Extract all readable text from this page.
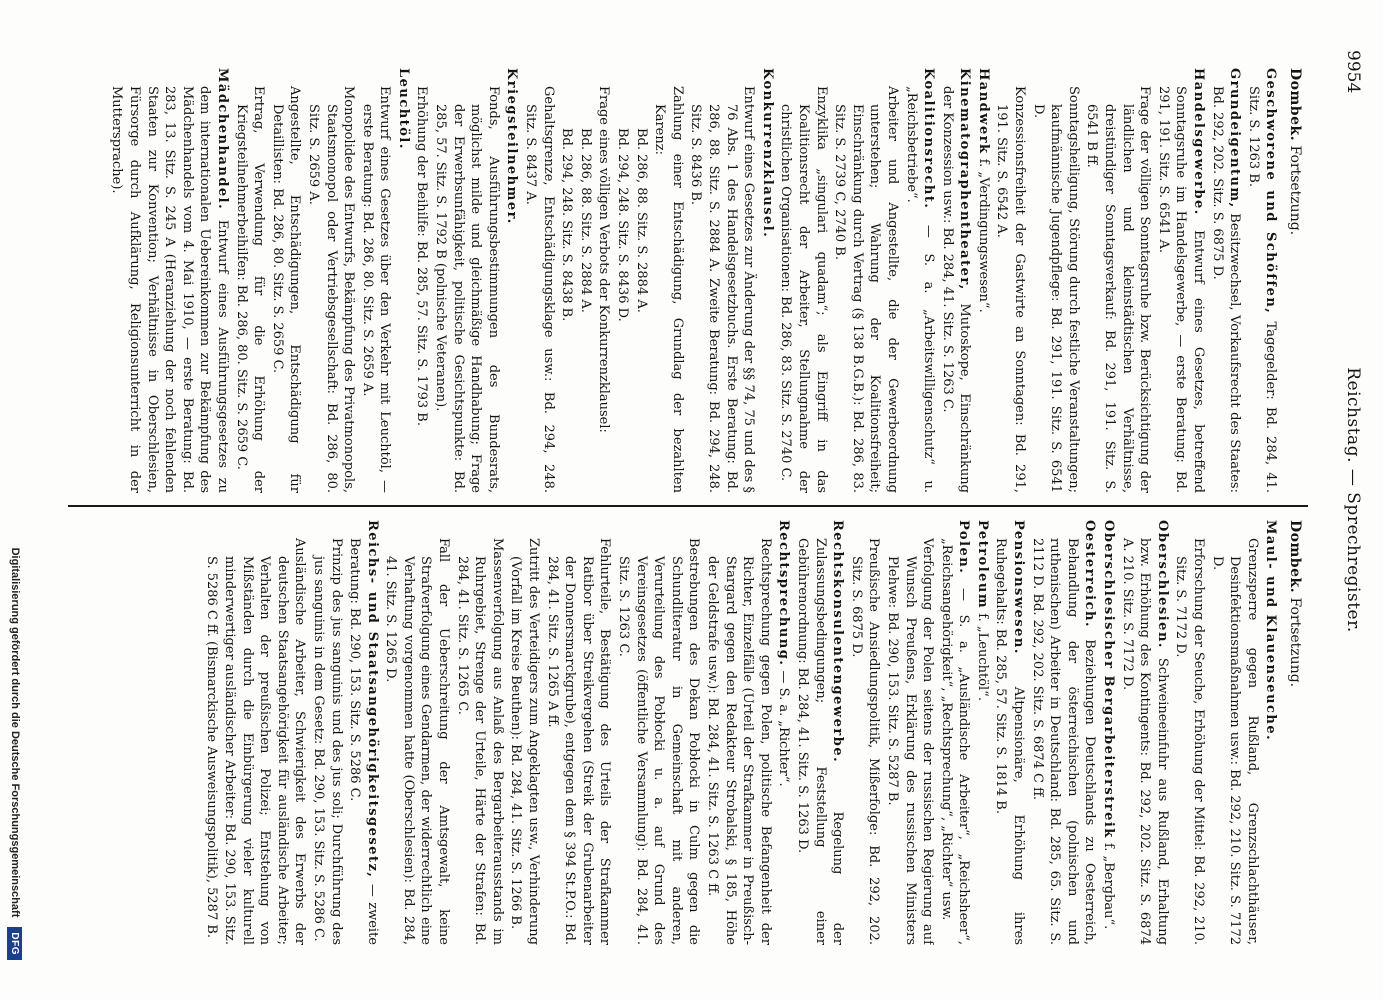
9954
Reichstag. — Sprechregister.

Dombek. Fortsetzung.

Geschworene und Schöffen, Tagegelder: Bd. 284, 41. Sitz. S. 1263 B.

Grundeigentum, Besitzwechsel, Vorkaufsrecht des Staates: Bd. 292, 202. Sitz. S. 6875 D.

Handelsgewerbe. Entwurf eines Gesetzes, betreffend Sonntagsruhe im Handelsgewerbe, — erste Beratung: Bd. 291, 191. Sitz. S. 6541 A.

Frage der völligen Sonntagsruhe bzw. Berücksichtigung der ländlichen und kleinstädtischen Verhältnisse, dreistündiger Sonntagsverkauf: Bd. 291, 191. Sitz. S. 6541 B ff.

Sonntagsheiligung, Störung durch festliche Veranstaltungen; kaufmännische Jugendpflege: Bd. 291, 191. Sitz. S. 6541 D.

Konzessionsfreiheit der Gastwirte an Sonntagen: Bd. 291, 191. Sitz. S. 6542 A.

Handwerk f. „Verdingungswesen“.

Kinematographentheater, Mutoskope, Einschränkung der Konzession usw.: Bd. 284, 41. Sitz. S. 1263 C.

Koalitionsrecht. — S. a. „Arbeitswilligenschutz“ u. „Reichsbetriebe“.

Arbeiter und Angestellte, die der Gewerbeordnung unterstehen; Wahrung der Koalitionsfreiheit; Einschränkung durch Vertrag (§ 138 B.G.B.): Bd. 286, 83. Sitz. S. 2739 C, 2740 B.

Enzyklika „singulari quadam“; als Eingriff in das Koalitionsrecht der Arbeiter, Stellungnahme der christlichen Organisationen: Bd. 286, 83. Sitz. S. 2740 C.

Konkurrenzklausel.

Entwurf eines Gesetzes zur Änderung der §§ 74, 75 und des § 76 Abs. 1 des Handelsgesetzbuchs. Erste Beratung: Bd. 286, 88. Sitz. S. 2884 A. Zweite Beratung: Bd. 294, 248. Sitz. S. 8436 B.

Zahlung einer Entschädigung, Grundlag der bezahlten Karenz:

Bd. 286, 88. Sitz. S. 2884 A.

Bd. 294, 248. Sitz. S. 8436 D.

Frage eines völligen Verbots der Konkurrenzklausel:

Bd. 286, 88. Sitz. S. 2884 A.

Bd. 294, 248. Sitz. S. 8438 B.

Gehaltsgrenze, Entschädigungsklage usw.: Bd. 294, 248. Sitz. S. 8437 A.

Kriegsteilnehmer.

Fonds, Ausführungsbestimmungen des Bundesrats, möglichst milde und gleichmäßige Handhabung; Frage der Erwerbsunfähigkeit, politische Gesichtspunkte: Bd. 285, 57. Sitz. S. 1792 B (polnische Veteranen).

Erhöhung der Beihilfe: Bd. 285, 57. Sitz. S. 1793 B.

Leuchtöl.

Entwurf eines Gesetzes über den Verkehr mit Leuchtöl, — erste Beratung: Bd. 286, 80. Sitz. S. 2659 A.

Monopolidee des Entwurfs, Bekämpfung des Privatmonopols, Staatsmonopol oder Vertriebsgesellschaft: Bd. 286, 80. Sitz. S. 2659 A.

Angestellte, Entschädigungen, Entschädigung für Detaillisten: Bd. 286, 80. Sitz. S. 2659 C.

Ertrag, Verwendung für die Erhöhung der Kriegsteilnehmerbeihilfen: Bd. 286, 80. Sitz. S. 2659 C.

Mädchenhandel. Entwurf eines Ausführungsgesetzes zu dem internationalen Uebereinkommen zur Bekämpfung des Mädchenhandels vom 4. Mai 1910, — erste Beratung: Bd. 283, 13. Sitz. S. 245 A (Heranziehung der noch fehlenden Staaten zur Konvention; Verhältnisse in Oberschlesien, Fürsorge durch Aufklärung, Religionsunterricht in der Muttersprache).

Dombek. Fortsetzung.

Maul- und Klauenseuche.

Grenzsperre gegen Rußland, Grenzschlachthäuser, Desinfektionsmaßnahmen usw.: Bd. 292, 210. Sitz. S. 7172 D.

Erforschung der Seuche, Erhöhung der Mittel: Bd. 292, 210. Sitz. S. 7172 D.

Oberschlesien. Schweineeinfuhr aus Rußland, Erhaltung bzw. Erhöhung des Kontingents: Bd. 292, 202. Sitz. S. 6874 A. 210. Sitz. S. 7172 D.

Oberschlesischer Bergarbeiterstreik f. „Bergbau“.

Oesterreich. Beziehungen Deutschlands zu Oesterreich, Behandlung der österreichischen (polnischen und ruthenischen) Arbeiter in Deutschland: Bd. 285, 65. Sitz. S. 2112 D. Bd. 292, 202. Sitz. S. 6874 C ff.

Pensionswesen. Altpensionäre, Erhöhung ihres Ruhegehalts: Bd. 285, 57. Sitz. S. 1814 B.

Petroleum f. „Leuchtöl“.

Polen. — S. a. „Ausländische Arbeiter“, „Reichsheer“, „Reichsangehörigkeit“, „Rechtsprechung“, „Richter“ usw.

Verfolgung der Polen seitens der russischen Regierung auf Wunsch Preußens, Erklärung des russischen Ministers Plehwe: Bd. 290, 153. Sitz. S. 5287 B.

Preußische Ansiedlungspolitik, Mißerfolge: Bd. 292, 202. Sitz. S. 6875 D.

Rechtskonsulentengewerbe. Regelung der Zulassungsbedingungen; Feststellung einer Gebührenordnung: Bd. 284, 41. Sitz. S. 1263 D.

Rechtsprechung. — S. a. „Richter“.

Rechtsprechung gegen Polen, politische Befangenheit der Richter, Einzelfälle (Urteil der Strafkammer in Preußisch-Stargard gegen den Redakteur Strobalski, § 185, Höhe der Geldstrafe usw.): Bd. 284, 41. Sitz. S. 1263 C ff.

Bestrebungen des Dekan Pobłocki in Culm gegen die Schundliteratur in Gemeinschaft mit anderen, Verurteilung des Pobłocki u. a. auf Grund des Vereinsgesetzes (öffentliche Versammlung): Bd. 284, 41. Sitz. S. 1263 C.

Fehlurteile, Bestätigung des Urteils der Strafkammer Ratibor über Streikvergehen (Streik der Grubenarbeiter der Donnersmarckgrube), entgegen dem § 394 St.P.O.: Bd. 284, 41. Sitz. S. 1265 A ff.

Zutritt des Verteidigers zum Angeklagten usw., Verhinderung (Vorfall im Kreise Beuthen): Bd. 284, 41. Sitz. S. 1266 B.

Massenverfolgung aus Anlaß des Bergarbeiterausstands im Ruhrgebiet, Strenge der Urteile, Härte der Strafen: Bd. 284, 41. Sitz. S. 1265 C.

Fall der Ueberschreitung der Amtsgewalt, keine Strafverfolgung eines Gendarmen, der widerrechtlich eine Verhaftung vorgenommen hatte (Oberschlesien): Bd. 284, 41. Sitz. S. 1265 D.

Reichs- und Staatsangehörigkeitsgesetz, — zweite Beratung: Bd. 290, 153. Sitz. S. 5286 C.

Prinzip des jus sanguinis und des jus soli; Durchführung des jus sanguinis in dem Gesetz: Bd. 290, 153. Sitz. S. 5286 C.

Ausländische Arbeiter, Schwierigkeit des Erwerbs der deutschen Staatsangehörigkeit für ausländische Arbeiter; Verhalten der preußischen Polizei; Entstehung von Mißständen durch die Einbürgerung vieler kulturell minderwertiger ausländischer Arbeiter: Bd. 290, 153. Sitz. S. 5286 C ff. (Bismarckische Ausweisungspolitik), 5287 B.

Digitalisierung gefördert durch die Deutsche Forschungsgemeinschaft
DFG
